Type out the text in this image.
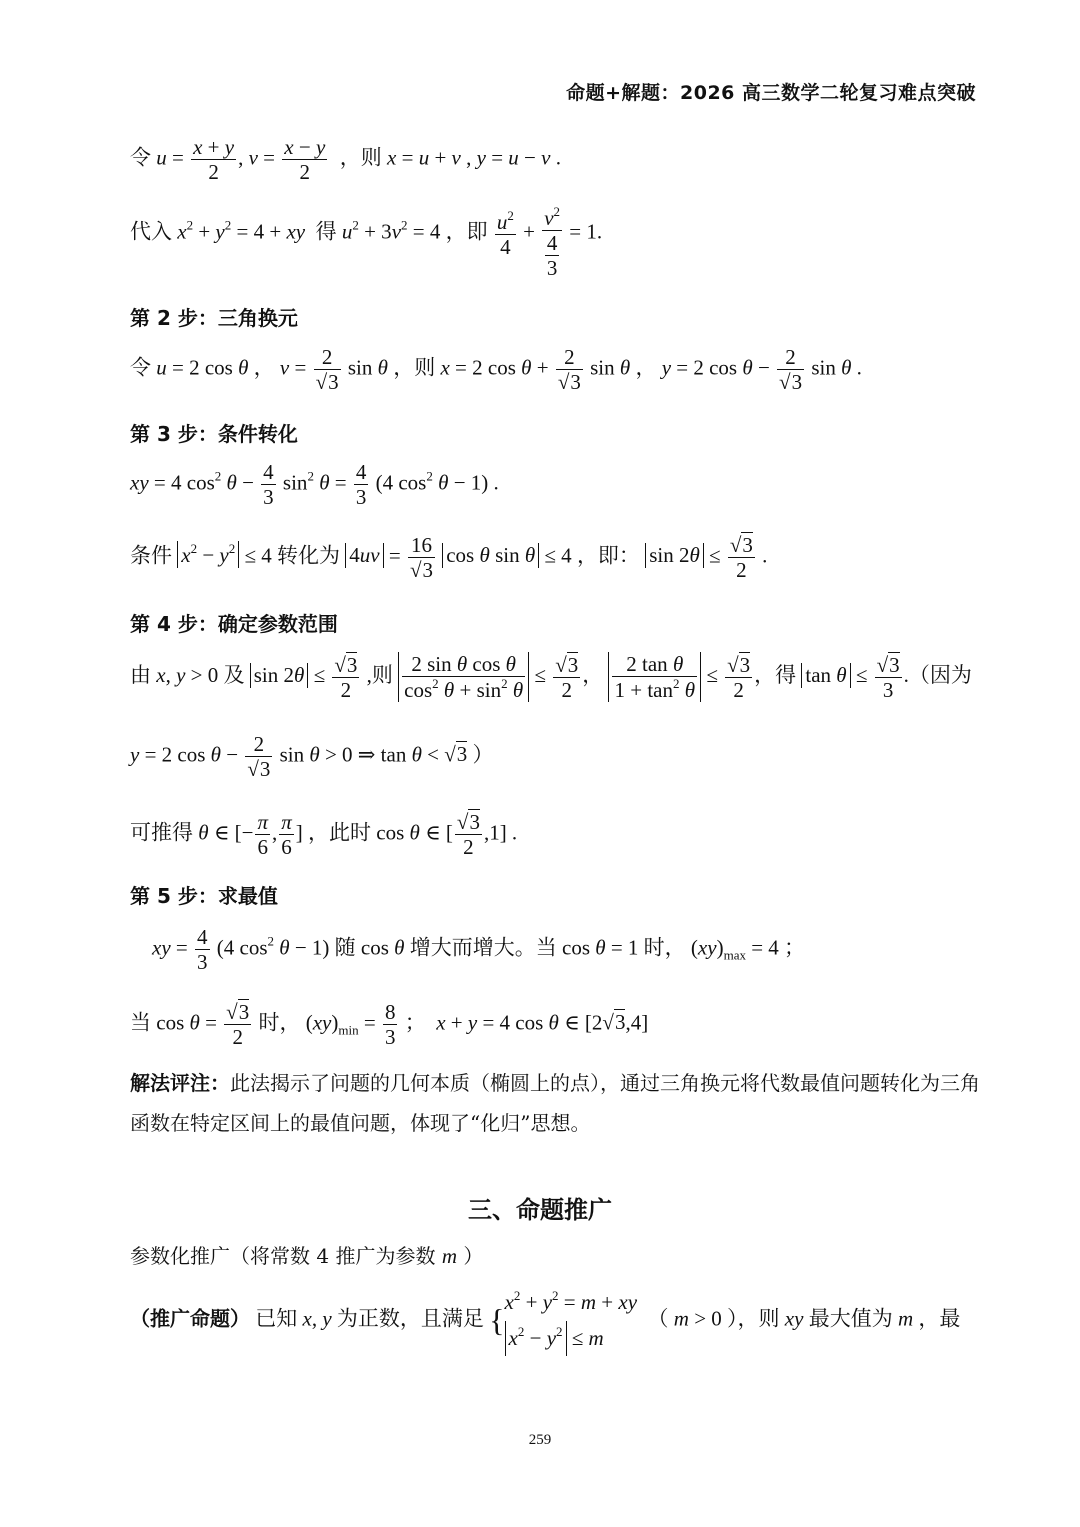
命题+解题：2026 高三数学二轮复习难点突破
令 $u = \frac{x + y}{2}$ , $v = \frac{x - y}{2}$ ，则 x = u + v , y = u − v .
代入 $x^2 + y^2 = 4$ + xy 得 $u^2 + 3v^2 = 4$ ，即 $\frac{u^2}{4} + \frac{v^2}{\frac{4}{3}} = 1$.
第 2 步：三角换元
令 u = 2 cos θ ， $v = \frac{2}{√3}$ sin θ ，则 x = 2 $\cos \theta + \frac{2}{√3}$ sin θ ， y = 2 $\cos \theta - \frac{2}{√3}$ sin θ .
第 3 步：条件转化
xy = 4 $\cos^2 \theta - \frac{4}{3} \sin^2 \theta = \frac{4}{3} (4$ $\cos^2 \theta - 1$) .
条件 $x^2 - y^2 \le 4$ 转化为 $4uv = \frac{16}{√3}$ cos θ sin θ ≤ 4 ，即： $\sin 2\theta \le \frac{√3}{2}$ .
第 4 步：确定参数范围
由 x, y > 0 及 $\sin 2\theta \le \frac{√3}{2}$ ,则 $\frac{\text{2 sin θ cos θ}}{\cos^2 \theta + \sin^2 \theta} \le \frac{√3}{2}$ ， $\frac{\text{2 tan θ}}{1 + \tan^2 \theta} \le \frac{√3}{2}$ ，得 $\tan \theta \le \frac{√3}{3}$ .（因为
y = 2 $\cos \theta - \frac{2}{√3}$ sin θ > 0 ⇒ tan θ < √3 ）
可推得 θ ∈ [− $\frac{\pi}{6}$ , $\frac{\pi}{6}$ ] ，此时 cos θ ∈ [ $\frac{√3}{2} ,1$] .
第 5 步：求最值
xy = $\frac{4}{3} (4$ $\cos^2 \theta - 1$) 随 cos θ 增大而增大。当 cos θ = 1 时， $(xy)_{max} = 4$ ；
当 $\cos \theta = \frac{√3}{2}$ 时， $(xy)_{min} = \frac{8}{3}$ ；  x + y = 4 cos θ ∈ [2√3,4]
解法评注：此法揭示了问题的几何本质（椭圆上的点），通过三角换元将代数最值问题转化为三角函数在特定区间上的最值问题，体现了“化归”思想。
三、命题推广
参数化推广（将常数 4 推广为参数 m ）
（推广命题） 已知 x, y 为正数，且满足 {
$x^2 + y^2 = m$ + xy
$x^2 - y^2 \le m$
（ m > 0 ），则 xy 最大值为 m ，最
259
